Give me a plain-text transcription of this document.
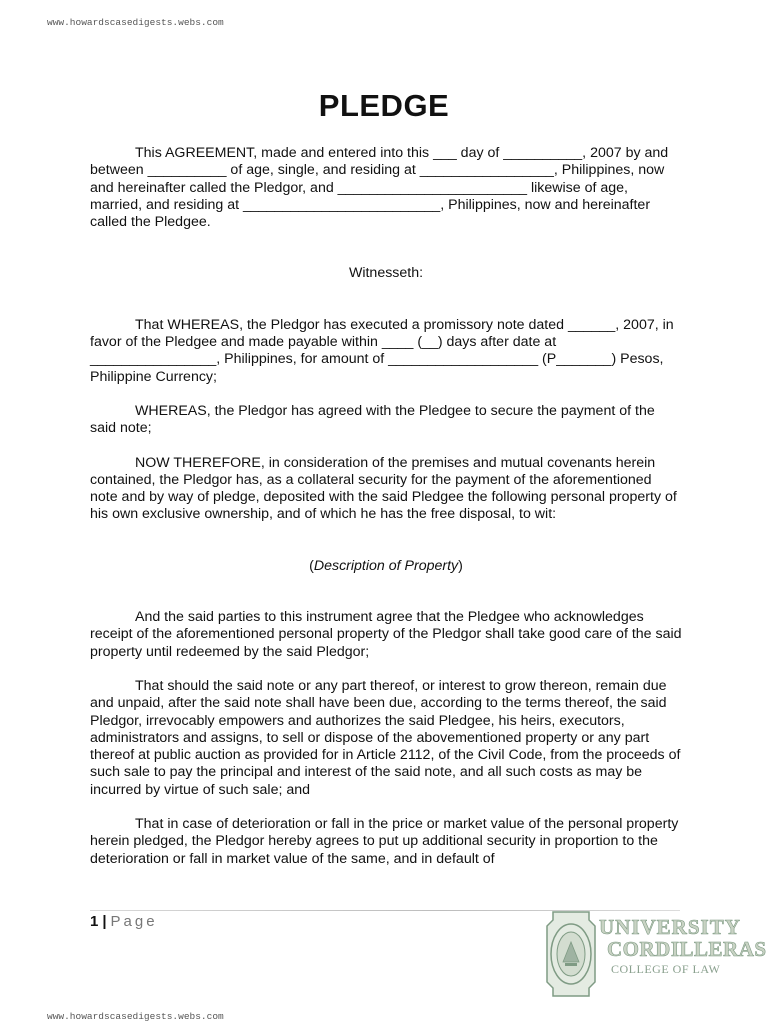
www.howardscasedigests.webs.com
PLEDGE

This AGREEMENT, made and entered into this ___ day of __________, 2007 by and between __________ of age, single, and residing at _________________, Philippines, now and hereinafter called the Pledgor, and ________________________ likewise of age, married, and residing at _________________________, Philippines, now and hereinafter called the Pledgee.

Witnesseth:

That WHEREAS, the Pledgor has executed a promissory note dated ______, 2007, in favor of the Pledgee and made payable within ____ (__) days after date at ________________, Philippines, for amount of ___________________ (P_______) Pesos, Philippine Currency;

WHEREAS, the Pledgor has agreed with the Pledgee to secure the payment of the said note;

NOW THEREFORE, in consideration of the premises and mutual covenants herein contained, the Pledgor has, as a collateral security for the payment of the aforementioned note and by way of pledge, deposited with the said Pledgee the following personal property of his own exclusive ownership, and of which he has the free disposal, to wit:

(Description of Property)

And the said parties to this instrument agree that the Pledgee who acknowledges receipt of the aforementioned personal property of the Pledgor shall take good care of the said property until redeemed by the said Pledgor;

That should the said note or any part thereof, or interest to grow thereon, remain due and unpaid, after the said note shall have been due, according to the terms thereof, the said Pledgor, irrevocably empowers and authorizes the said Pledgee, his heirs, executors, administrators and assigns, to sell or dispose of the abovementioned property or any part thereof at public auction as provided for in Article 2112, of the Civil Code, from the proceeds of such sale to pay the principal and interest of the said note, and all such costs as may be incurred by virtue of such sale; and

That in case of deterioration or fall in the price or market value of the personal property herein pledged, the Pledgor hereby agrees to put up additional security in proportion to the deterioration or fall in market value of the same, and in default of

1 | Page	UNIVERSITY
CORDILLERAS
COLLEGE OF LAW
www.howardscasedigests.webs.com
